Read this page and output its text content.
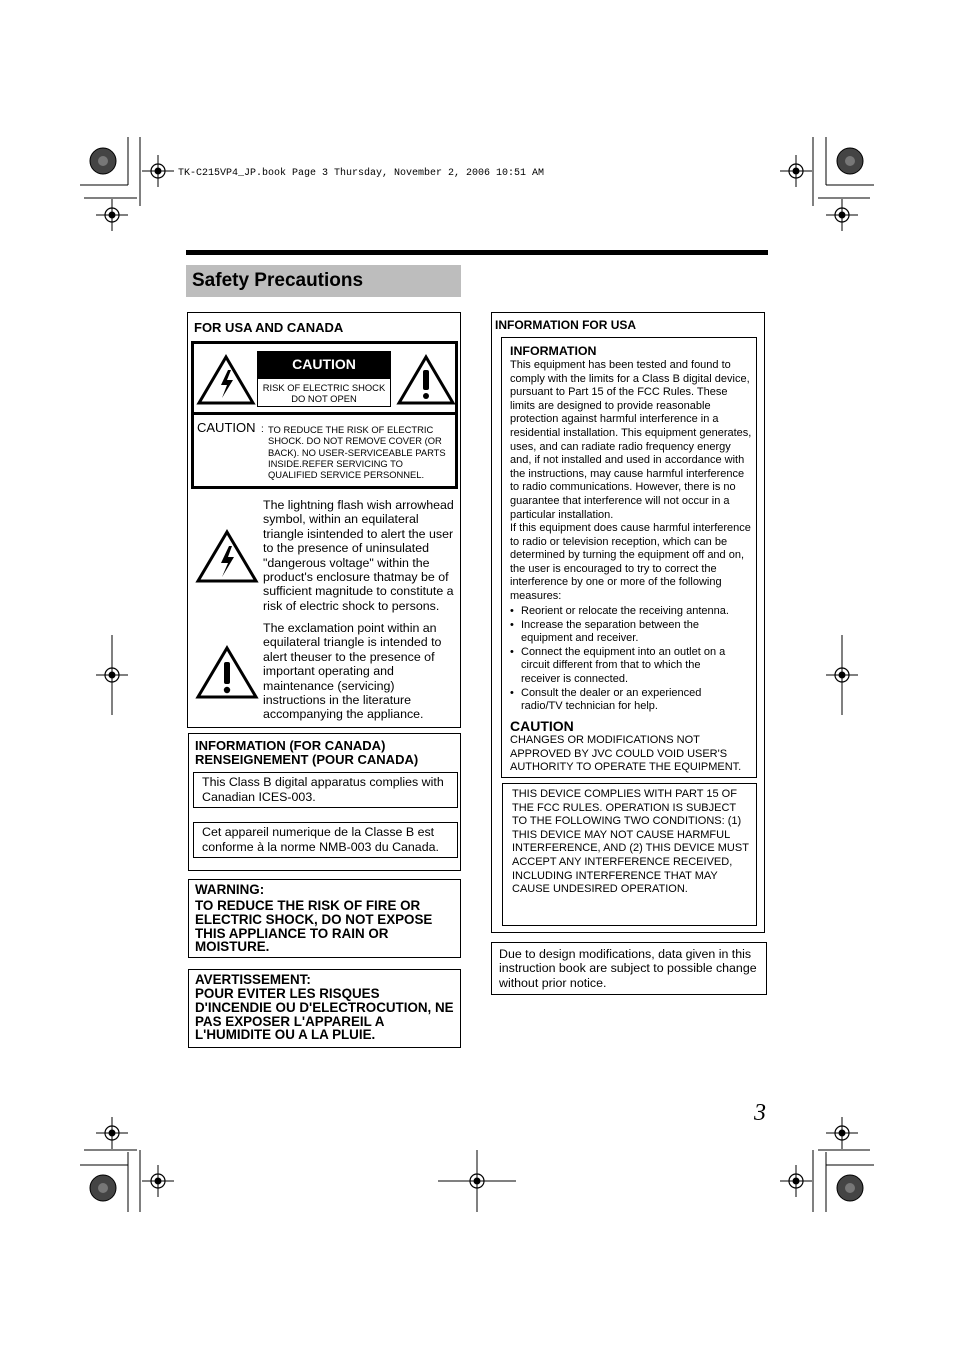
TK-C215VP4_JP.book Page 3 Thursday, November 2, 2006 10:51 AM
Safety Precautions
FOR USA AND CANADA
CAUTION
RISK OF ELECTRIC SHOCK DO NOT OPEN
CAUTION : TO REDUCE THE RISK OF ELECTRIC SHOCK. DO NOT REMOVE COVER (OR BACK). NO USER-SERVICEABLE PARTS INSIDE.REFER SERVICING TO QUALIFIED SERVICE PERSONNEL.
The lightning flash wish arrowhead symbol, within an equilateral triangle isintended to alert the user to the presence of uninsulated "dangerous voltage" within the product's enclosure thatmay be of sufficient magnitude to constitute a risk of electric shock to persons.
The exclamation point within an equilateral triangle is intended to alert theuser to the presence of important operating and maintenance (servicing) instructions in the literature accompanying the appliance.
INFORMATION (FOR CANADA)
RENSEIGNEMENT (POUR CANADA)
This Class B digital apparatus complies with Canadian ICES-003.
Cet appareil numerique de la Classe B est conforme à la norme NMB-003 du Canada.
WARNING:
TO REDUCE THE RISK OF FIRE OR ELECTRIC SHOCK, DO NOT EXPOSE THIS APPLIANCE TO RAIN OR MOISTURE.
AVERTISSEMENT:
POUR EVITER LES RISQUES D'INCENDIE OU D'ELECTROCUTION, NE PAS EXPOSER L'APPAREIL A L'HUMIDITE OU A LA PLUIE.
INFORMATION FOR USA
INFORMATION
This equipment has been tested and found to comply with the limits for a Class B digital device, pursuant to Part 15 of the FCC Rules. These limits are designed to provide reasonable protection against harmful interference in a residential installation. This equipment generates, uses, and can radiate radio frequency energy and, if not installed and used in accordance with the instructions, may cause harmful interference to radio communications. However, there is no guarantee that interference will not occur in a particular installation.
If this equipment does cause harmful interference to radio or television reception, which can be determined by turning the equipment off and on, the user is encouraged to try to correct the interference by one or more of the following measures:
• Reorient or relocate the receiving antenna.
• Increase the separation between the equipment and receiver.
• Connect the equipment into an outlet on a circuit different from that to which the receiver is connected.
• Consult the dealer or an experienced radio/TV technician for help.
CAUTION
CHANGES OR MODIFICATIONS NOT APPROVED BY JVC COULD VOID USER'S AUTHORITY TO OPERATE THE EQUIPMENT.
THIS DEVICE COMPLIES WITH PART 15 OF THE FCC RULES. OPERATION IS SUBJECT TO THE FOLLOWING TWO CONDITIONS: (1) THIS DEVICE MAY NOT CAUSE HARMFUL INTERFERENCE, AND (2) THIS DEVICE MUST ACCEPT ANY INTERFERENCE RECEIVED, INCLUDING INTERFERENCE THAT MAY CAUSE UNDESIRED OPERATION.
Due to design modifications, data given in this instruction book are subject to possible change without prior notice.
3
